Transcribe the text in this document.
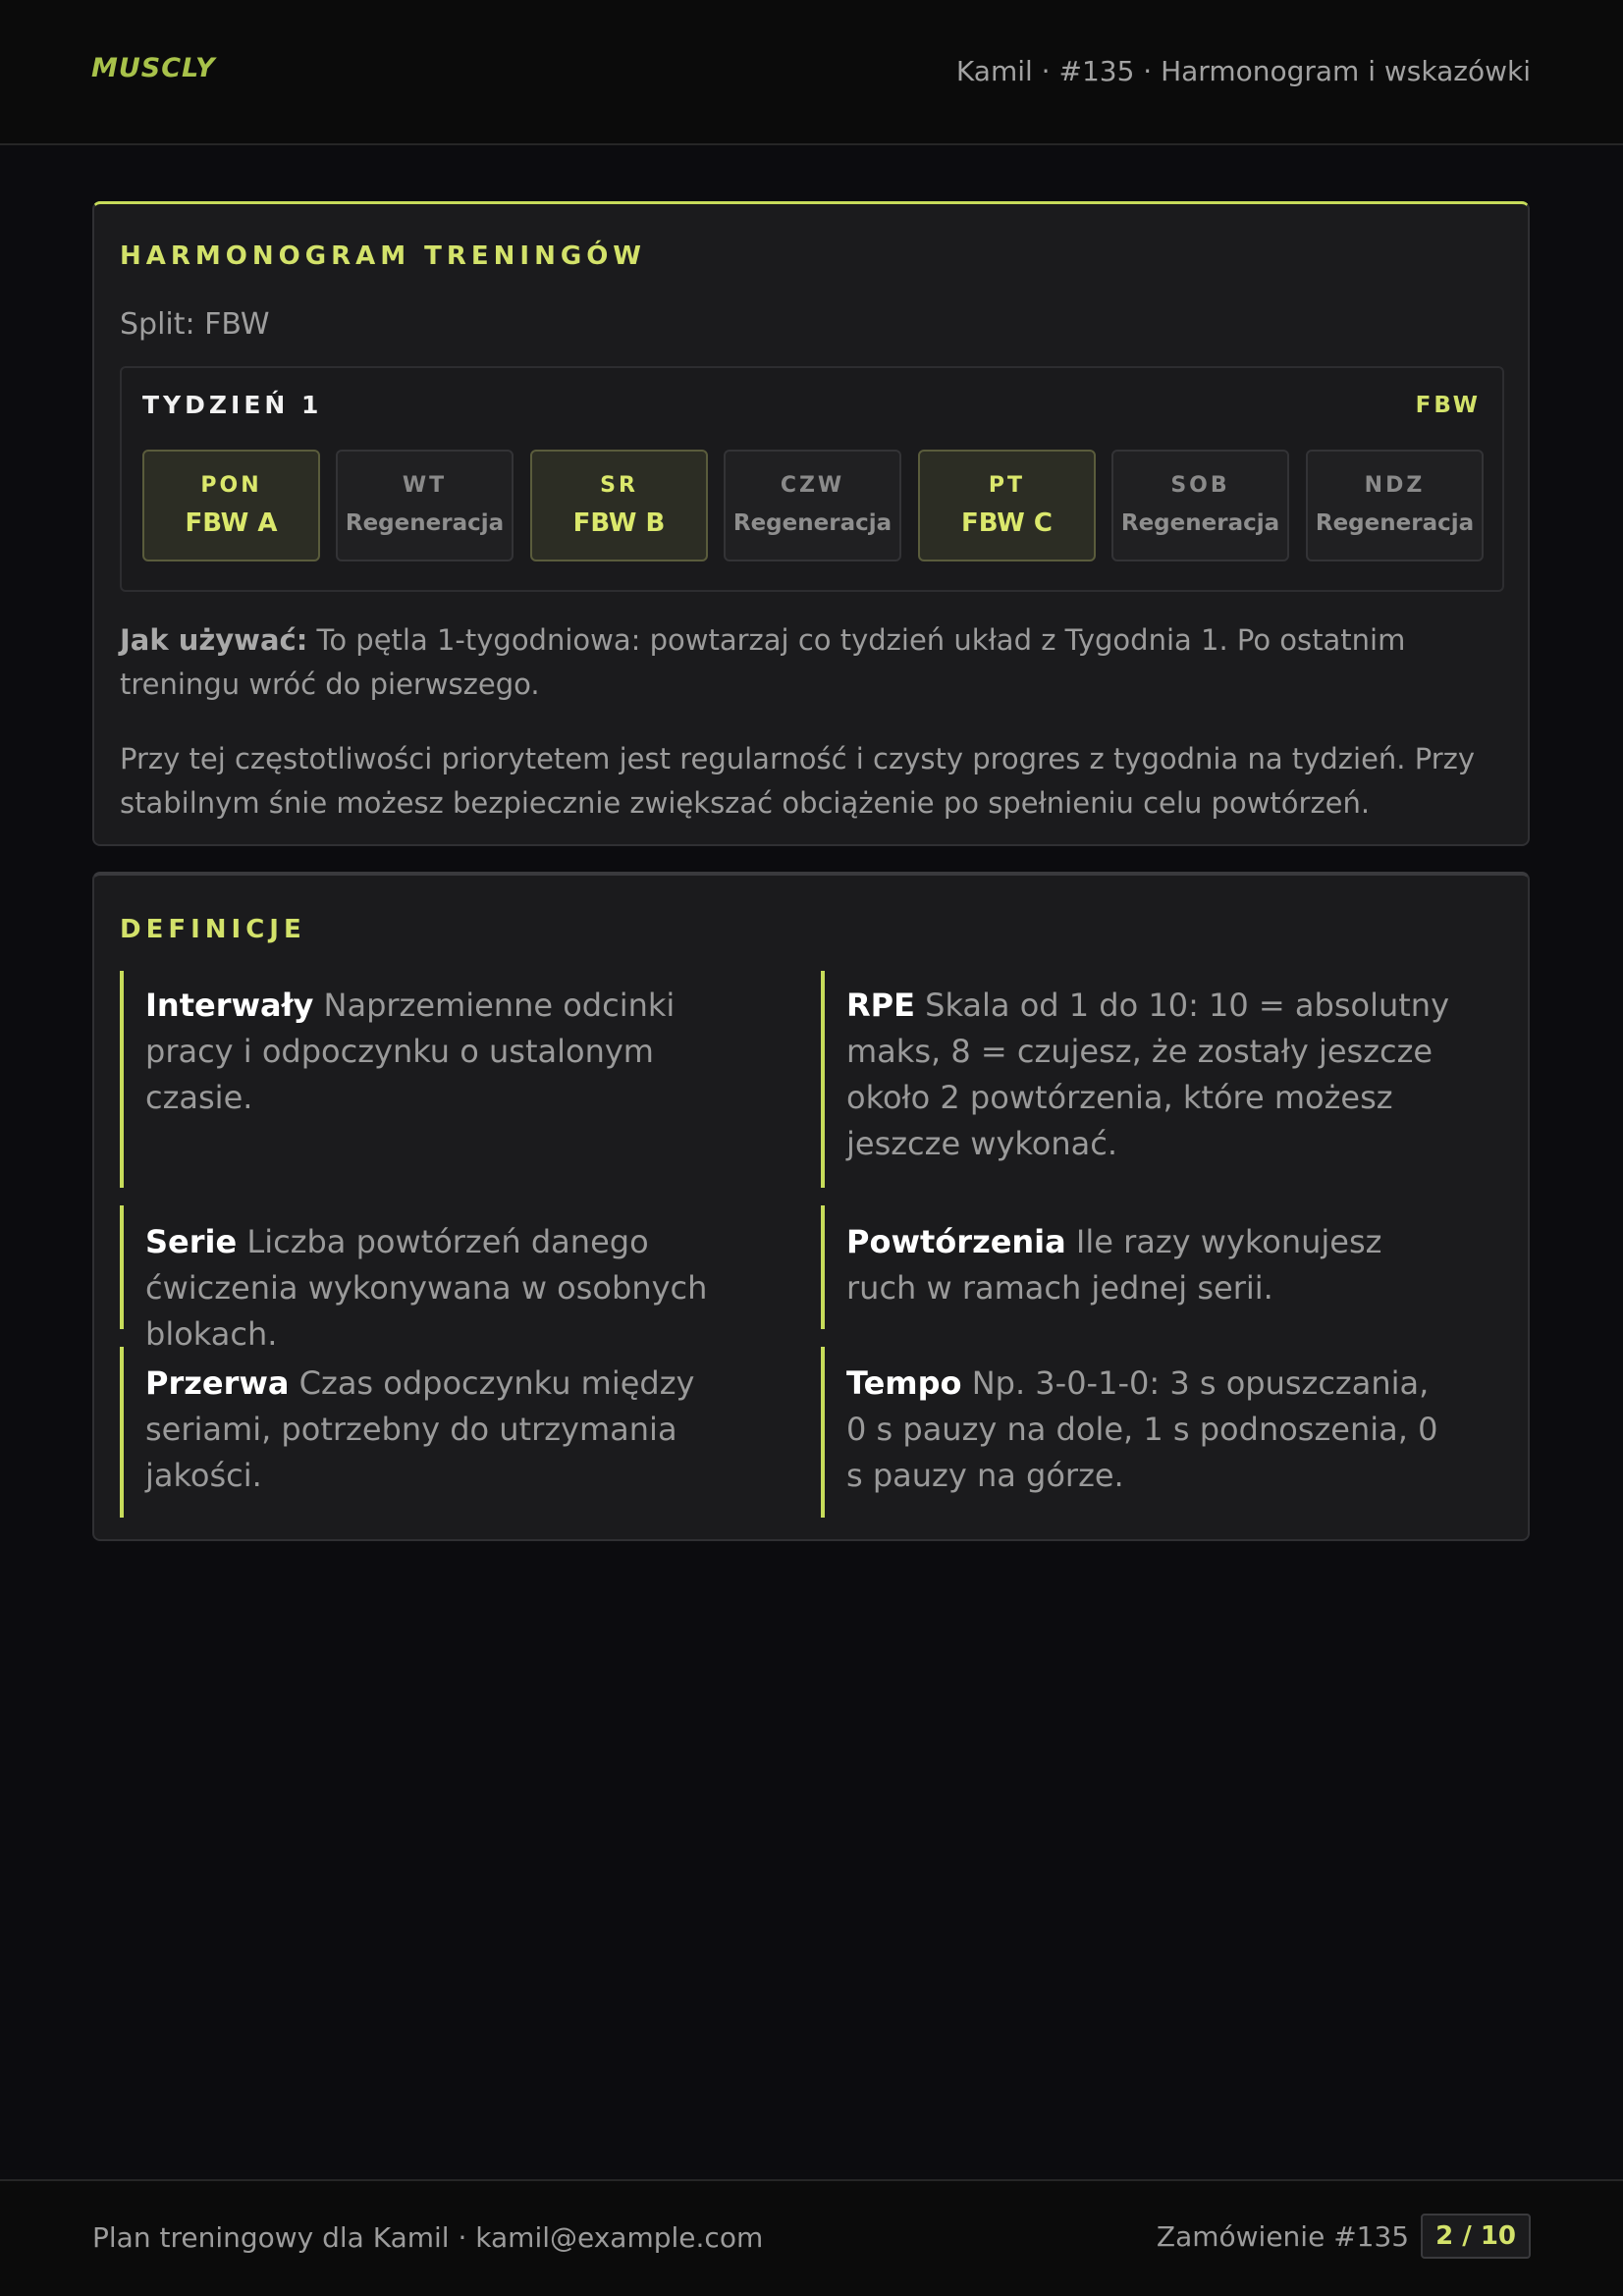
MUSCLY	Kamil · #135 · Harmonogram i wskazówki
HARMONOGRAM TRENINGÓW
Split: FBW
TYDZIEŃ 1	FBW
PON
FBW A
WT
Regeneracja
SR
FBW B
CZW
Regeneracja
PT
FBW C
SOB
Regeneracja
NDZ
Regeneracja
Jak używać: To pętla 1-tygodniowa: powtarzaj co tydzień układ z Tygodnia 1. Po ostatnim treningu wróć do pierwszego.
Przy tej częstotliwości priorytetem jest regularność i czysty progres z tygodnia na tydzień. Przy stabilnym śnie możesz bezpiecznie zwiększać obciążenie po spełnieniu celu powtórzeń.
DEFINICJE
Interwały Naprzemienne odcinki pracy i odpoczynku o ustalonym czasie.
RPE Skala od 1 do 10: 10 = absolutny maks, 8 = czujesz, że zostały jeszcze około 2 powtórzenia, które możesz jeszcze wykonać.
Serie Liczba powtórzeń danego ćwiczenia wykonywana w osobnych blokach.
Powtórzenia Ile razy wykonujesz ruch w ramach jednej serii.
Przerwa Czas odpoczynku między seriami, potrzebny do utrzymania jakości.
Tempo Np. 3-0-1-0: 3 s opuszczania, 0 s pauzy na dole, 1 s podnoszenia, 0 s pauzy na górze.
Plan treningowy dla Kamil · kamil@example.com	Zamówienie #135	2 / 10
